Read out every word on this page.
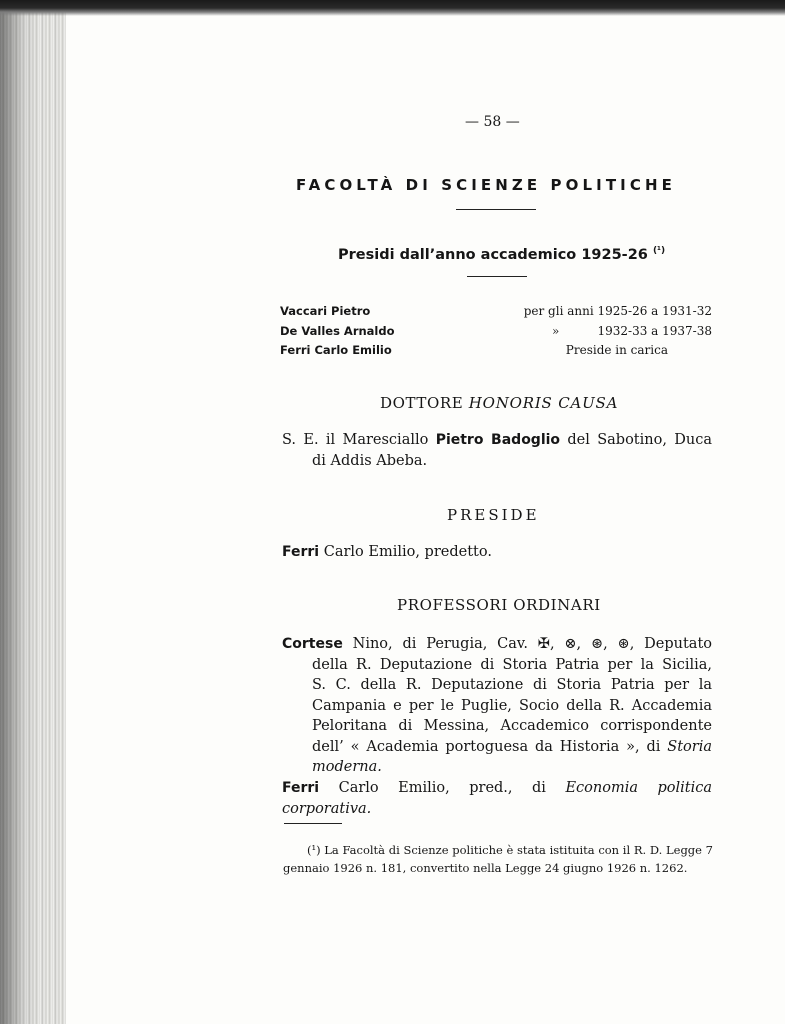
— 58 —
FACOLTÀ DI SCIENZE POLITICHE
Presidi dall’anno accademico 1925-26 $^{(^1)}$
Vaccari Pietro	per gli anni 1925-26 a 1931-32
De Valles Arnaldo	»          1932-33 a 1937-38
Ferri Carlo Emilio	Preside in carica
DOTTORE HONORIS CAUSA
S. E. il Maresciallo Pietro Badoglio del Sabotino, Duca
di Addis Abeba.
PRESIDE
Ferri Carlo Emilio, predetto.
PROFESSORI ORDINARI
Cortese Nino, di Perugia, Cav. ✠, ⊗, ⊛, ⊛, Deputato
della R. Deputazione di Storia Patria per la Sicilia,
S. C. della R. Deputazione di Storia Patria per la
Campania e per le Puglie, Socio della R. Accademia
Peloritana di Messina, Accademico corrispondente
dell’ « Academia portoguesa da Historia », di Storia
moderna.
Ferri Carlo Emilio, pred., di Economia politica corporativa.
(¹) La Facoltà di Scienze politiche è stata istituita con il R. D. Legge 7 gennaio 1926 n. 181, convertito nella Legge 24 giugno 1926 n. 1262.
